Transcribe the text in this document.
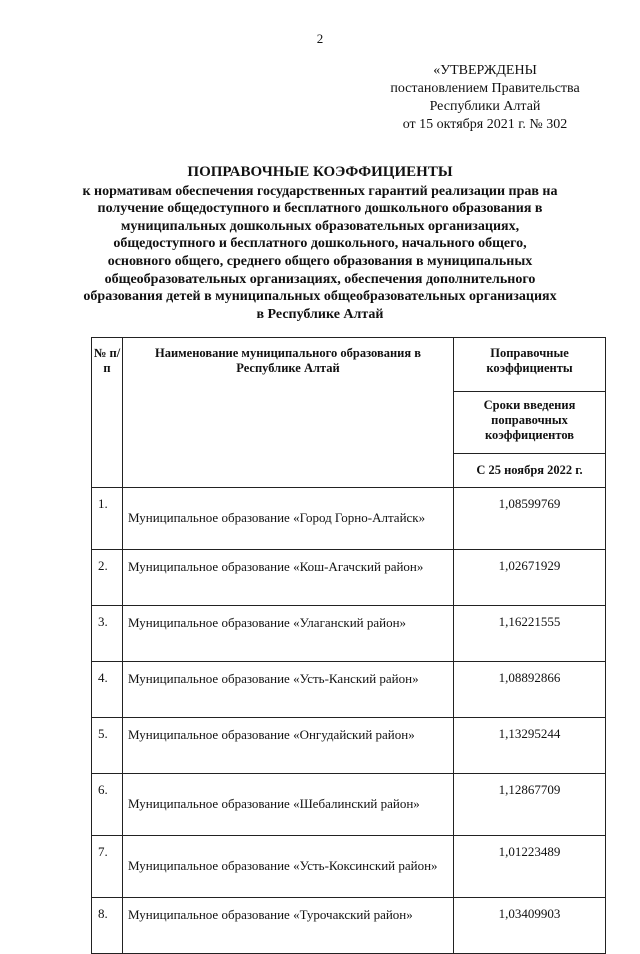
2
«УТВЕРЖДЕНЫ
постановлением Правительства
Республики Алтай
от 15 октября 2021 г. № 302
ПОПРАВОЧНЫЕ КОЭФФИЦИЕНТЫ
к нормативам обеспечения государственных гарантий реализации прав на
получение общедоступного и бесплатного дошкольного образования в
муниципальных дошкольных образовательных организациях,
общедоступного и бесплатного дошкольного, начального общего,
основного общего, среднего общего образования в муниципальных
общеобразовательных организациях, обеспечения дополнительного
образования детей в муниципальных общеобразовательных организациях
в Республике Алтай
№ п/п	Наименование муниципального образования в Республике Алтай	Поправочные коэффициенты
		Сроки введения поправочных коэффициентов
		С 25 ноября 2022 г.
1.	Муниципальное образование «Город Горно-Алтайск»	1,08599769
2.	Муниципальное образование «Кош-Агачский район»	1,02671929
3.	Муниципальное образование «Улаганский район»	1,16221555
4.	Муниципальное образование «Усть-Канский район»	1,08892866
5.	Муниципальное образование «Онгудайский район»	1,13295244
6.	Муниципальное образование «Шебалинский район»	1,12867709
7.	Муниципальное образование «Усть-Коксинский район»	1,01223489
8.	Муниципальное образование «Турочакский район»	1,03409903
